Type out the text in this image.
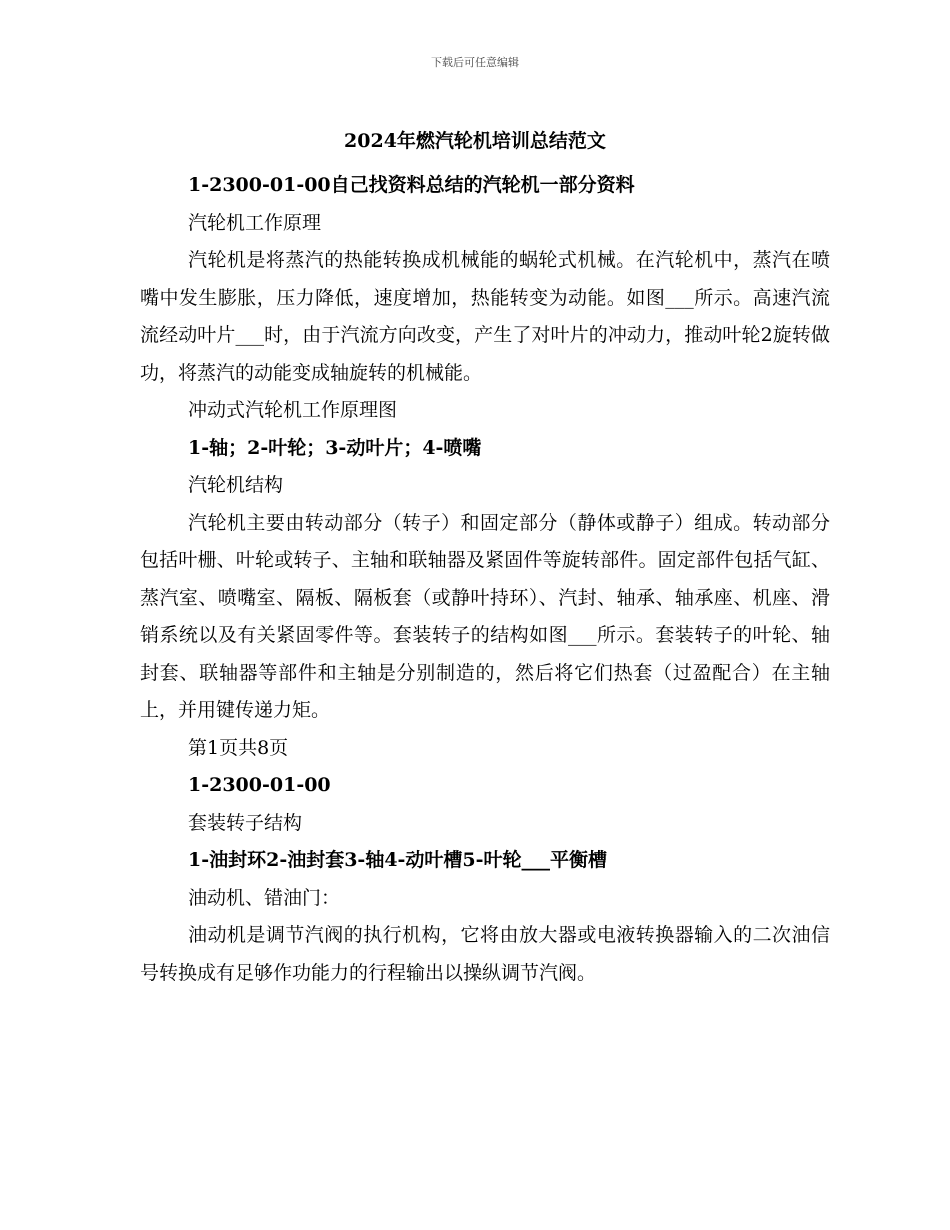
下载后可任意编辑
2024年燃汽轮机培训总结范文

1-2300-01-00自己找资料总结的汽轮机一部分资料

汽轮机工作原理

汽轮机是将蒸汽的热能转换成机械能的蜗轮式机械。在汽轮机中，蒸汽在喷嘴中发生膨胀，压力降低，速度增加，热能转变为动能。如图___所示。高速汽流流经动叶片___时，由于汽流方向改变，产生了对叶片的冲动力，推动叶轮2旋转做功，将蒸汽的动能变成轴旋转的机械能。

冲动式汽轮机工作原理图

1-轴；2-叶轮；3-动叶片；4-喷嘴

汽轮机结构

汽轮机主要由转动部分（转子）和固定部分（静体或静子）组成。转动部分包括叶栅、叶轮或转子、主轴和联轴器及紧固件等旋转部件。固定部件包括气缸、蒸汽室、喷嘴室、隔板、隔板套（或静叶持环）、汽封、轴承、轴承座、机座、滑销系统以及有关紧固零件等。套装转子的结构如图___所示。套装转子的叶轮、轴封套、联轴器等部件和主轴是分别制造的，然后将它们热套（过盈配合）在主轴上，并用键传递力矩。

第1页共8页

1-2300-01-00

套装转子结构

1-油封环2-油封套3-轴4-动叶槽5-叶轮___平衡槽

油动机、错油门：

油动机是调节汽阀的执行机构，它将由放大器或电液转换器输入的二次油信号转换成有足够作功能力的行程输出以操纵调节汽阀。
